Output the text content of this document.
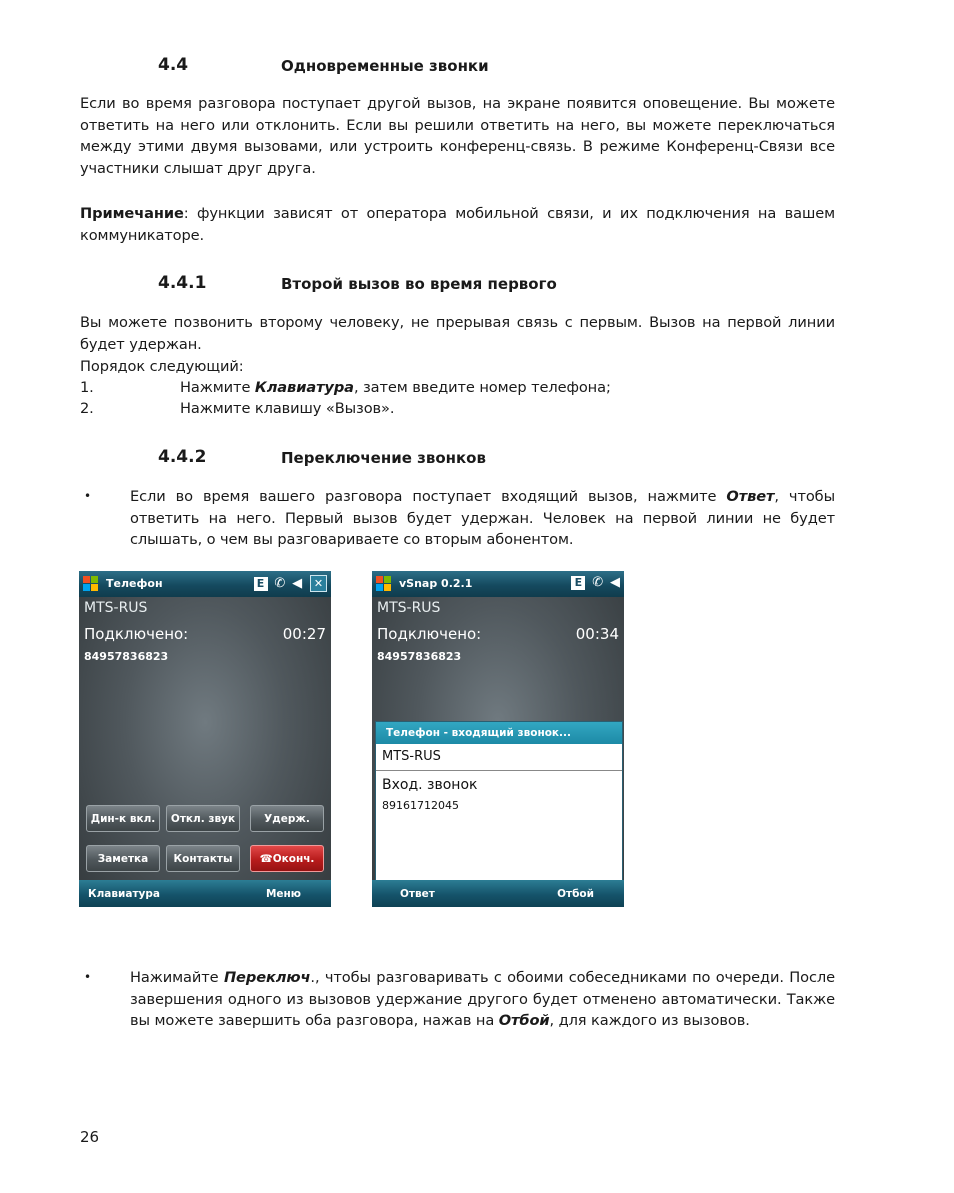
4.4	Одновременные звонки

Если во время разговора поступает другой вызов, на экране появится оповещение. Вы можете ответить на него или отклонить. Если вы решили ответить на него, вы можете переключаться между этими двумя вызовами, или устроить конференц-связь. В режиме Конференц-Связи все участники слышат друг друга.

Примечание: функции зависят от оператора мобильной связи, и их подключения на вашем коммуникаторе.

4.4.1	Второй вызов во время первого

Вы можете позвонить второму человеку, не прерывая связь с первым. Вызов на первой линии будет удержан.

Порядок следующий:
1.	Нажмите Клавиатура, затем введите номер телефона;
2.	Нажмите клавишу «Вызов».
4.4.2	Переключение звонков
•	Если во время вашего разговора поступает входящий вызов, нажмите Ответ, чтобы ответить на него. Первый вызов будет удержан. Человек на первой линии не будет слышать, о чем вы разговариваете со вторым абонентом.

Телефон	E ✆ ◀︎ ✕
MTS-RUS
Подключено:	00:27
84957836823
Дин-к вкл.	Откл. звук	Удерж.
Заметка	Контакты	☎Оконч.
Клавиатура	Меню
vSnap 0.2.1	E ✆ ◀︎
MTS-RUS
Подключено:	00:34
84957836823
Телефон - входящий звонок...
MTS-RUS
Вход. звонок
89161712045
Ответ	Отбой
•	Нажимайте Переключ., чтобы разговаривать с обоими собеседниками по очереди. После завершения одного из вызовов удержание другого будет отменено автоматически. Также вы можете завершить оба разговора, нажав на Отбой, для каждого из вызовов.

26
